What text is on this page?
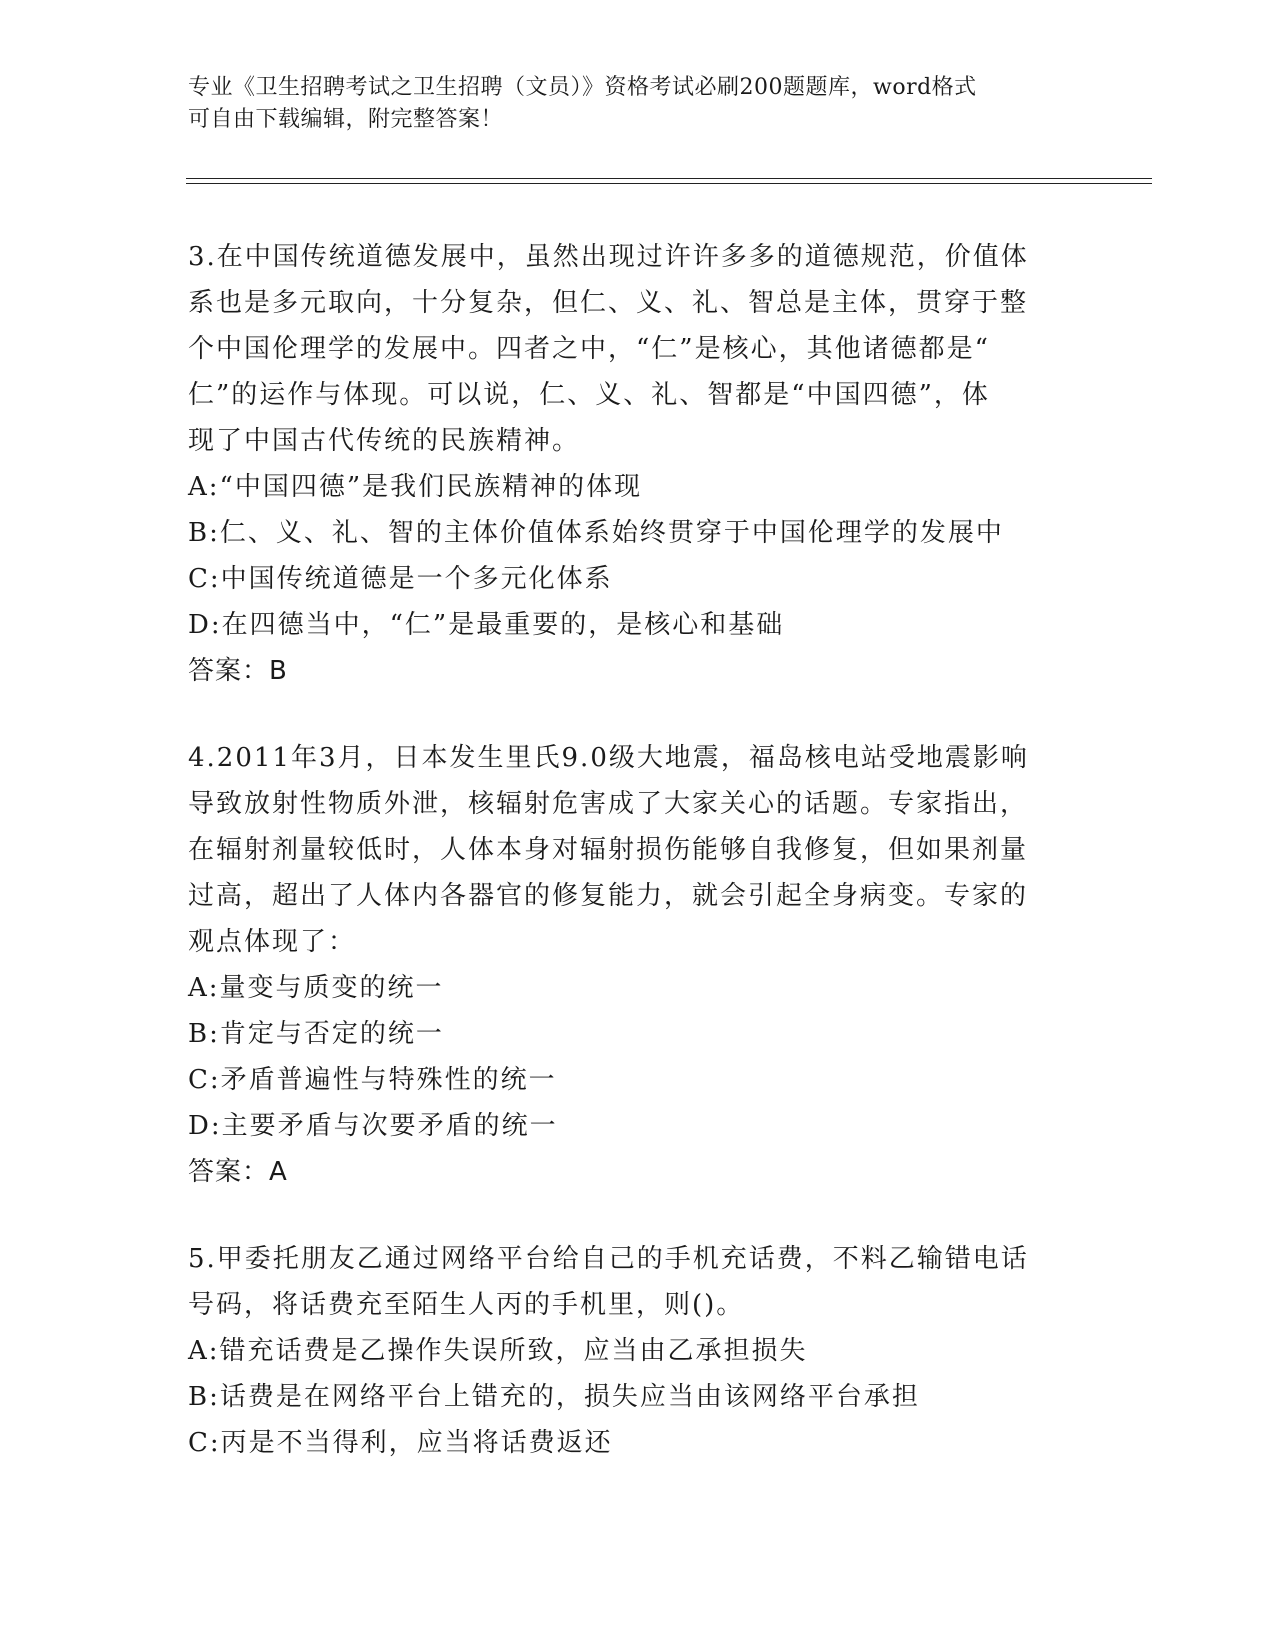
专业《卫生招聘考试之卫生招聘（文员）》资格考试必刷200题题库，word格式
可自由下载编辑，附完整答案！
3.在中国传统道德发展中，虽然出现过许许多多的道德规范，价值体
系也是多元取向，十分复杂，但仁、义、礼、智总是主体，贯穿于整
个中国伦理学的发展中。四者之中，“仁”是核心，其他诸德都是“
仁”的运作与体现。可以说，仁、义、礼、智都是“中国四德”，体
现了中国古代传统的民族精神。
A:“中国四德”是我们民族精神的体现
B:仁、义、礼、智的主体价值体系始终贯穿于中国伦理学的发展中
C:中国传统道德是一个多元化体系
D:在四德当中，“仁”是最重要的，是核心和基础
答案：B
4.2011年3月，日本发生里氏9.0级大地震，福岛核电站受地震影响
导致放射性物质外泄，核辐射危害成了大家关心的话题。专家指出，
在辐射剂量较低时，人体本身对辐射损伤能够自我修复，但如果剂量
过高，超出了人体内各器官的修复能力，就会引起全身病变。专家的
观点体现了：
A:量变与质变的统一
B:肯定与否定的统一
C:矛盾普遍性与特殊性的统一
D:主要矛盾与次要矛盾的统一
答案：A
5.甲委托朋友乙通过网络平台给自己的手机充话费，不料乙输错电话
号码，将话费充至陌生人丙的手机里，则()。
A:错充话费是乙操作失误所致，应当由乙承担损失
B:话费是在网络平台上错充的，损失应当由该网络平台承担
C:丙是不当得利，应当将话费返还
